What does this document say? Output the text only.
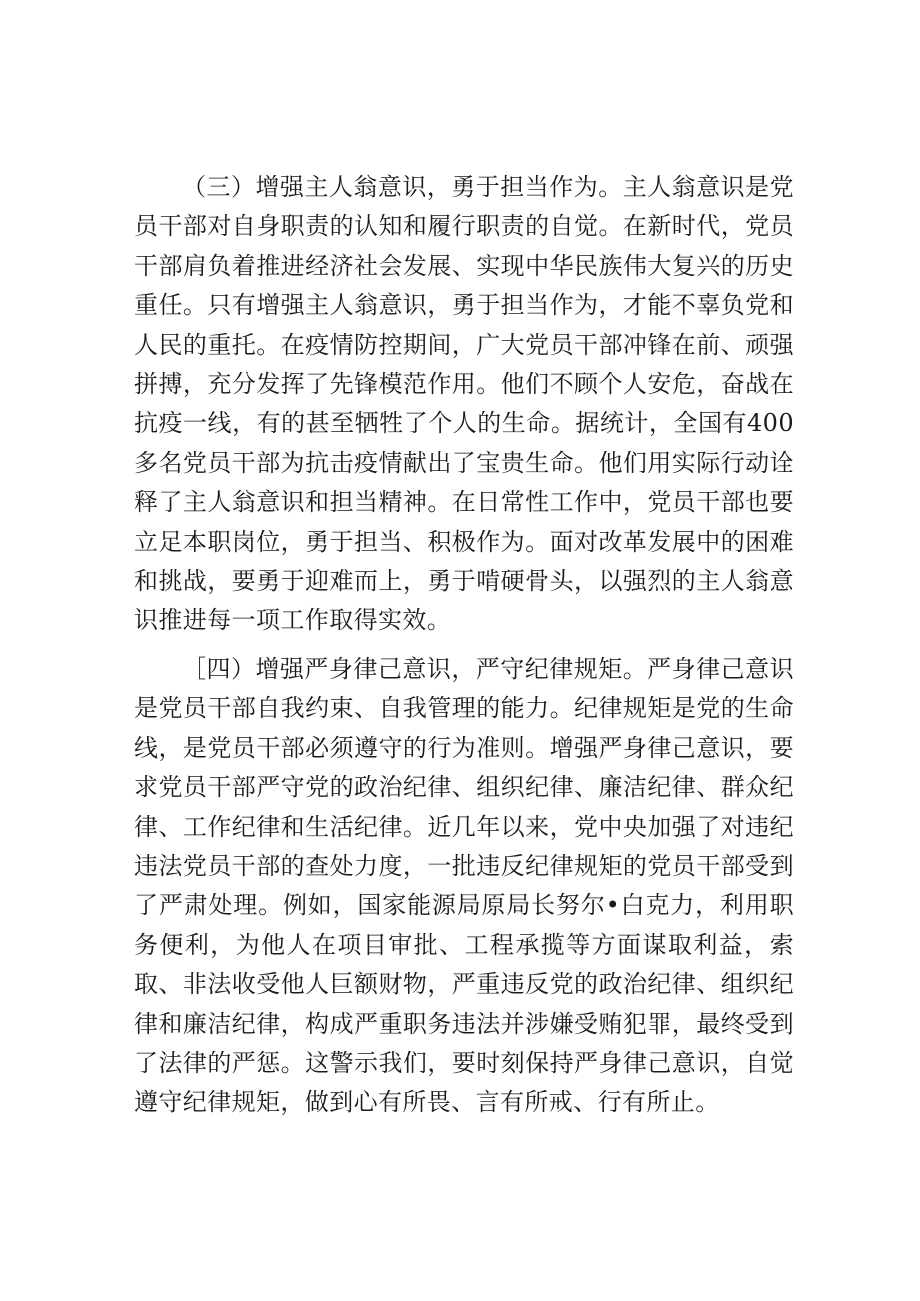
（三）增强主人翁意识，勇于担当作为。主人翁意识是党员干部对自身职责的认知和履行职责的自觉。在新时代，党员干部肩负着推进经济社会发展、实现中华民族伟大复兴的历史重任。只有增强主人翁意识，勇于担当作为，才能不辜负党和人民的重托。在疫情防控期间，广大党员干部冲锋在前、顽强拼搏，充分发挥了先锋模范作用。他们不顾个人安危，奋战在抗疫一线，有的甚至牺牲了个人的生命。据统计，全国有400多名党员干部为抗击疫情献出了宝贵生命。他们用实际行动诠释了主人翁意识和担当精神。在日常性工作中，党员干部也要立足本职岗位，勇于担当、积极作为。面对改革发展中的困难和挑战，要勇于迎难而上，勇于啃硬骨头，以强烈的主人翁意识推进每一项工作取得实效。

［四）增强严身律己意识，严守纪律规矩。严身律己意识是党员干部自我约束、自我管理的能力。纪律规矩是党的生命线，是党员干部必须遵守的行为准则。增强严身律己意识，要求党员干部严守党的政治纪律、组织纪律、廉洁纪律、群众纪律、工作纪律和生活纪律。近几年以来，党中央加强了对违纪违法党员干部的查处力度，一批违反纪律规矩的党员干部受到了严肃处理。例如，国家能源局原局长努尔•白克力，利用职务便利，为他人在项目审批、工程承揽等方面谋取利益，索取、非法收受他人巨额财物，严重违反党的政治纪律、组织纪律和廉洁纪律，构成严重职务违法并涉嫌受贿犯罪，最终受到了法律的严惩。这警示我们，要时刻保持严身律己意识，自觉遵守纪律规矩，做到心有所畏、言有所戒、行有所止。
